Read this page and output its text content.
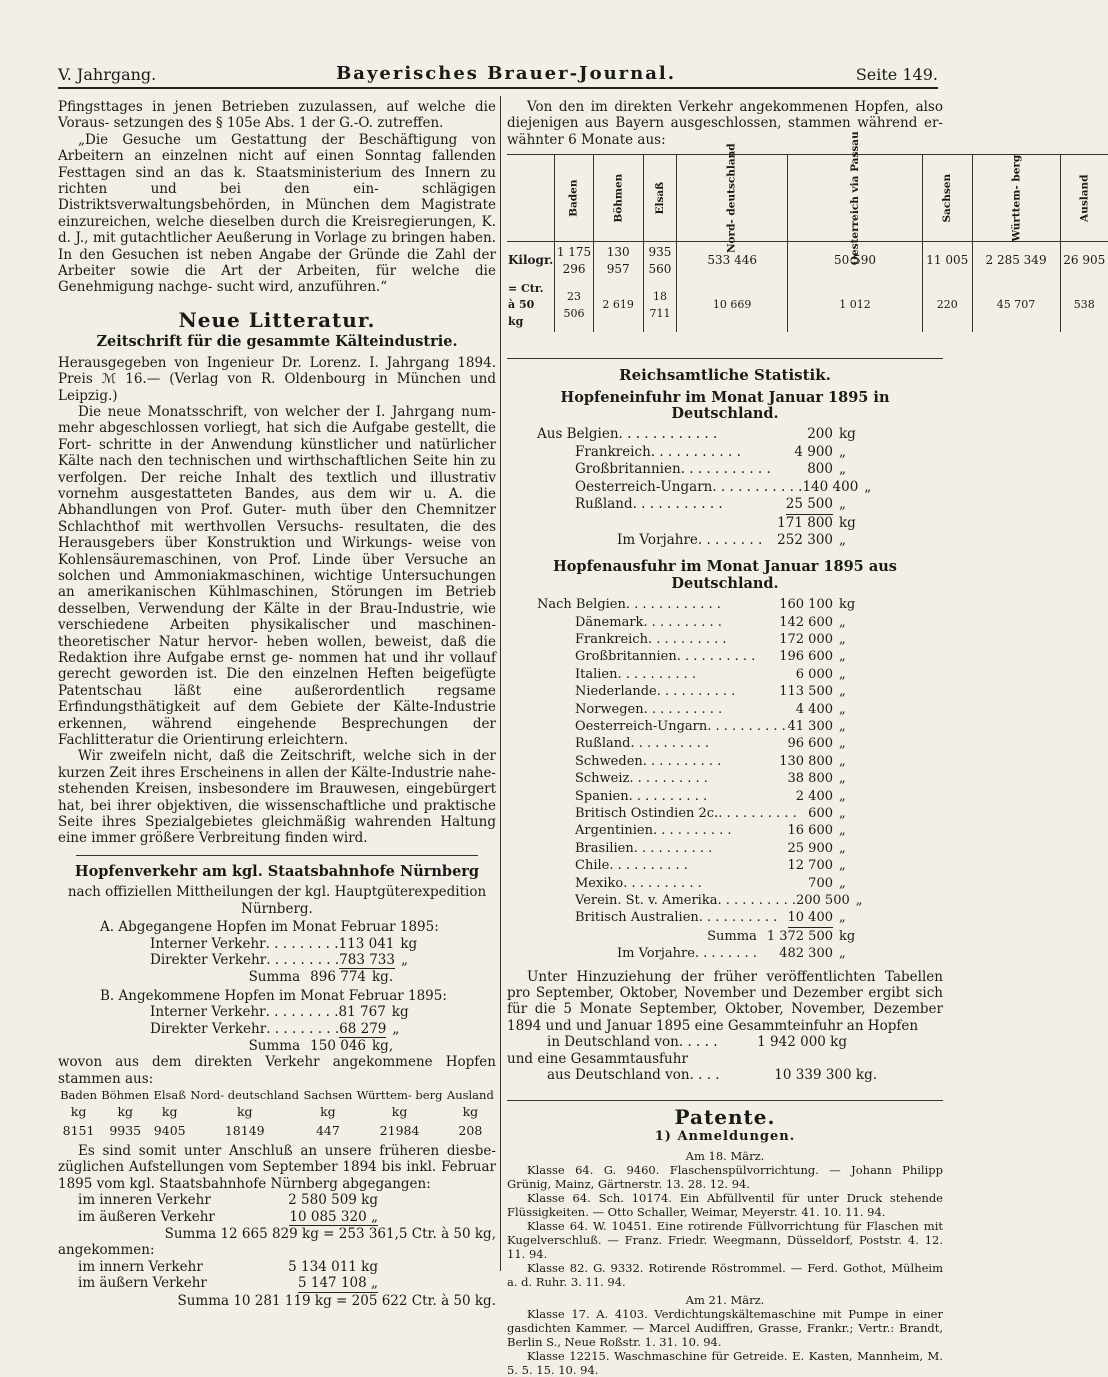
V. Jahrgang.	Bayerisches Brauer-Journal.	Seite 149.

Pfingsttages in jenen Betrieben zuzulassen, auf welche die Voraus- setzungen des § 105e Abs. 1 der G.-O. zutreffen.

„Die Gesuche um Gestattung der Beschäftigung von Arbeitern an einzelnen nicht auf einen Sonntag fallenden Festtagen sind an das k. Staatsministerium des Innern zu richten und bei den ein- schlägigen Distriktsverwaltungsbehörden, in München dem Magistrate einzureichen, welche dieselben durch die Kreisregierungen, K. d. J., mit gutachtlicher Aeußerung in Vorlage zu bringen haben. In den Gesuchen ist neben Angabe der Gründe die Zahl der Arbeiter sowie die Art der Arbeiten, für welche die Genehmigung nachge- sucht wird, anzuführen.“

Neue Litteratur.
Zeitschrift für die gesammte Kälteindustrie.

Herausgegeben von Ingenieur Dr. Lorenz. I. Jahrgang 1894. Preis ℳ 16.— (Verlag von R. Oldenbourg in München und Leipzig.)

Die neue Monatsschrift, von welcher der I. Jahrgang num- mehr abgeschlossen vorliegt, hat sich die Aufgabe gestellt, die Fort- schritte in der Anwendung künstlicher und natürlicher Kälte nach den technischen und wirthschaftlichen Seite hin zu verfolgen. Der reiche Inhalt des textlich und illustrativ vornehm ausgestatteten Bandes, aus dem wir u. A. die Abhandlungen von Prof. Guter- muth über den Chemnitzer Schlachthof mit werthvollen Versuchs- resultaten, die des Herausgebers über Konstruktion und Wirkungs- weise von Kohlensäuremaschinen, von Prof. Linde über Versuche an solchen und Ammoniakmaschinen, wichtige Untersuchungen an amerikanischen Kühlmaschinen, Störungen im Betrieb desselben, Verwendung der Kälte in der Brau-Industrie, wie verschiedene Arbeiten physikalischer und maschinen-theoretischer Natur hervor- heben wollen, beweist, daß die Redaktion ihre Aufgabe ernst ge- nommen hat und ihr vollauf gerecht geworden ist. Die den einzelnen Heften beigefügte Patentschau läßt eine außerordentlich regsame Erfindungsthätigkeit auf dem Gebiete der Kälte-Industrie erkennen, während eingehende Besprechungen der Fachlitteratur die Orientirung erleichtern.

Wir zweifeln nicht, daß die Zeitschrift, welche sich in der kurzen Zeit ihres Erscheinens in allen der Kälte-Industrie nahe- stehenden Kreisen, insbesondere im Brauwesen, eingebürgert hat, bei ihrer objektiven, die wissenschaftliche und praktische Seite ihres Spezialgebietes gleichmäßig wahrenden Haltung eine immer größere Verbreitung finden wird.

Hopfenverkehr am kgl. Staatsbahnhofe Nürnberg

nach offiziellen Mittheilungen der kgl. Hauptgüterexpedition Nürnberg.

A. Abgegangene Hopfen im Monat Februar 1895:
Interner Verkehr . . . . . . . . . 113 041 kg
Direkter Verkehr . . . . . . . . . 783 733 „
Summa 896 774 kg.
B. Angekommene Hopfen im Monat Februar 1895:
Interner Verkehr . . . . . . . . . 81 767 kg
Direkter Verkehr . . . . . . . . . 68 279 „
Summa 150 046 kg,

wovon aus dem direkten Verkehr angekommene Hopfen stammen aus:

Baden	Böhmen	Elsaß	Nord- deutschland	Sachsen	Württem- berg	Ausland
kg	kg	kg	kg	kg	kg	kg
8151	9935	9405	18149	447	21984	208

Es sind somit unter Anschluß an unsere früheren diesbe- züglichen Aufstellungen vom September 1894 bis inkl. Februar 1895 vom kgl. Staatsbahnhofe Nürnberg abgegangen:

im inneren Verkehr	2 580 509 kg
im äußeren Verkehr	10 085 320 „
Summa 12 665 829 kg = 253 361,5 Ctr. à 50 kg,
angekommen:
im innern Verkehr	5 134 011 kg
im äußern Verkehr	5 147 108 „
Summa 10 281 119 kg = 205 622 Ctr. à 50 kg.

Von den im direkten Verkehr angekommenen Hopfen, also diejenigen aus Bayern ausgeschlossen, stammen während er- wähnter 6 Monate aus:

	Baden	Böhmen	Elsaß	Nord- deutschland	Oesterreich via Passau	Sachsen	Württem- berg	Ausland
Kilogr.	1 175 296	130 957	935 560	533 446	50 590	11 005	2 285 349	26 905
= Ctr. à 50 kg	23 506	2 619	18 711	10 669	1 012	220	45 707	538
Reichsamtliche Statistik.
Hopfeneinfuhr im Monat Januar 1895 in Deutschland.
Aus Belgien . . . . . . . . . . . .	200 kg
Frankreich . . . . . . . . . . .	4 900 „
Großbritannien . . . . . . . . . . .	800 „
Oesterreich-Ungarn . . . . . . . . . . . 140 400 „
Rußland . . . . . . . . . . .	25 500 „
171 800 kg
Im Vorjahre . . . . . . . .	252 300 „
Hopfenausfuhr im Monat Januar 1895 aus Deutschland.
Nach Belgien . . . . . . . . . . . .	160 100 kg
Dänemark . . . . . . . . . .	142 600 „
Frankreich . . . . . . . . . .	172 000 „
Großbritannien . . . . . . . . . .	196 600 „
Italien . . . . . . . . . .	6 000 „
Niederlande . . . . . . . . . .	113 500 „
Norwegen . . . . . . . . . .	4 400 „
Oesterreich-Ungarn . . . . . . . . . . 41 300 „
Rußland . . . . . . . . . .	96 600 „
Schweden . . . . . . . . . .	130 800 „
Schweiz . . . . . . . . . .	38 800 „
Spanien . . . . . . . . . .	2 400 „
Britisch Ostindien 2c. . . . . . . . . . . 600 „
Argentinien . . . . . . . . . .	16 600 „
Brasilien . . . . . . . . . .	25 900 „
Chile . . . . . . . . . .	12 700 „
Mexiko . . . . . . . . . .	700 „
Verein. St. v. Amerika . . . . . . . . . . 200 500 „
Britisch Australien . . . . . . . . . . 10 400 „
Summa 1 372 500 kg
Im Vorjahre . . . . . . . .	482 300 „

Unter Hinzuziehung der früher veröffentlichten Tabellen pro September, Oktober, November und Dezember ergibt sich für die 5 Monate September, Oktober, November, Dezember 1894 und und Januar 1895 eine Gesammteinfuhr an Hopfen

in Deutschland von . . . . .	1 942 000 kg
und eine Gesammtausfuhr
aus Deutschland von . . . .	10 339 300 kg.
Patente.
1) Anmeldungen.
Am 18. März.

Klasse 64. G. 9460. Flaschenspülvorrichtung. — Johann Philipp Grünig, Mainz, Gärtnerstr. 13. 28. 12. 94.

Klasse 64. Sch. 10174. Ein Abfüllventil für unter Druck stehende Flüssigkeiten. — Otto Schaller, Weimar, Meyerstr. 41. 10. 11. 94.

Klasse 64. W. 10451. Eine rotirende Füllvorrichtung für Flaschen mit Kugelverschluß. — Franz. Friedr. Weegmann, Düsseldorf, Poststr. 4. 12. 11. 94.

Klasse 82. G. 9332. Rotirende Röstrommel. — Ferd. Gothot, Mülheim a. d. Ruhr. 3. 11. 94.

Am 21. März.

Klasse 17. A. 4103. Verdichtungskältemaschine mit Pumpe in einer gasdichten Kammer. — Marcel Audiffren, Grasse, Frankr.; Vertr.: Brandt, Berlin S., Neue Roßstr. 1. 31. 10. 94.

Klasse 12215. Waschmaschine für Getreide. E. Kasten, Mannheim, M. 5. 5. 15. 10. 94.
